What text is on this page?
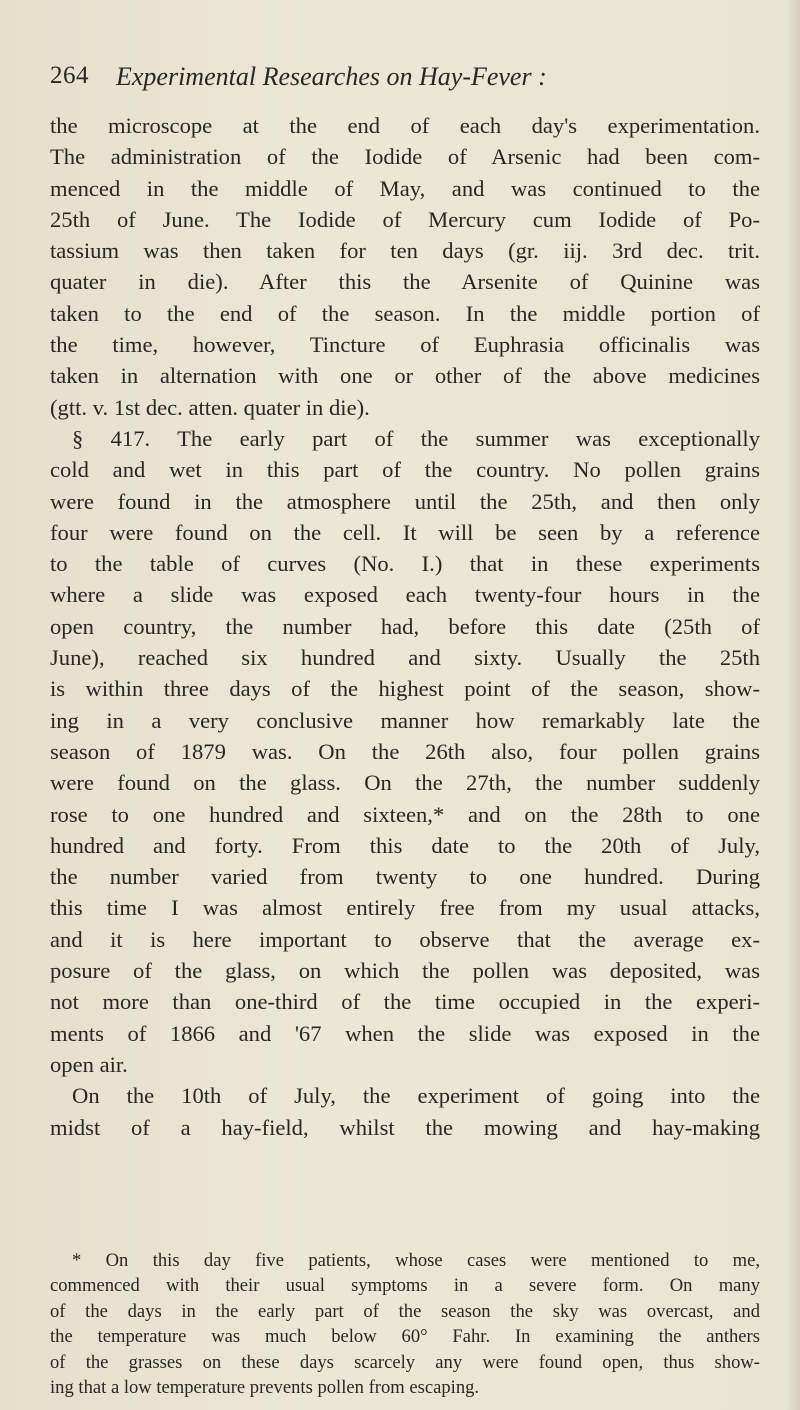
264 Experimental Researches on Hay-Fever :
the microscope at the end of each day's experimentation.
The administration of the Iodide of Arsenic had been com-
menced in the middle of May, and was continued to the
25th of June. The Iodide of Mercury cum Iodide of Po-
tassium was then taken for ten days (gr. iij. 3rd dec. trit.
quater in die). After this the Arsenite of Quinine was
taken to the end of the season. In the middle portion of
the time, however, Tincture of Euphrasia officinalis was
taken in alternation with one or other of the above medicines
(gtt. v. 1st dec. atten. quater in die).
§ 417. The early part of the summer was exceptionally
cold and wet in this part of the country. No pollen grains
were found in the atmosphere until the 25th, and then only
four were found on the cell. It will be seen by a reference
to the table of curves (No. I.) that in these experiments
where a slide was exposed each twenty-four hours in the
open country, the number had, before this date (25th of
June), reached six hundred and sixty. Usually the 25th
is within three days of the highest point of the season, show-
ing in a very conclusive manner how remarkably late the
season of 1879 was. On the 26th also, four pollen grains
were found on the glass. On the 27th, the number suddenly
rose to one hundred and sixteen,* and on the 28th to one
hundred and forty. From this date to the 20th of July,
the number varied from twenty to one hundred. During
this time I was almost entirely free from my usual attacks,
and it is here important to observe that the average ex-
posure of the glass, on which the pollen was deposited, was
not more than one-third of the time occupied in the experi-
ments of 1866 and '67 when the slide was exposed in the
open air.
On the 10th of July, the experiment of going into the
midst of a hay-field, whilst the mowing and hay-making
* On this day five patients, whose cases were mentioned to me,
commenced with their usual symptoms in a severe form. On many
of the days in the early part of the season the sky was overcast, and
the temperature was much below 60° Fahr. In examining the anthers
of the grasses on these days scarcely any were found open, thus show-
ing that a low temperature prevents pollen from escaping.
